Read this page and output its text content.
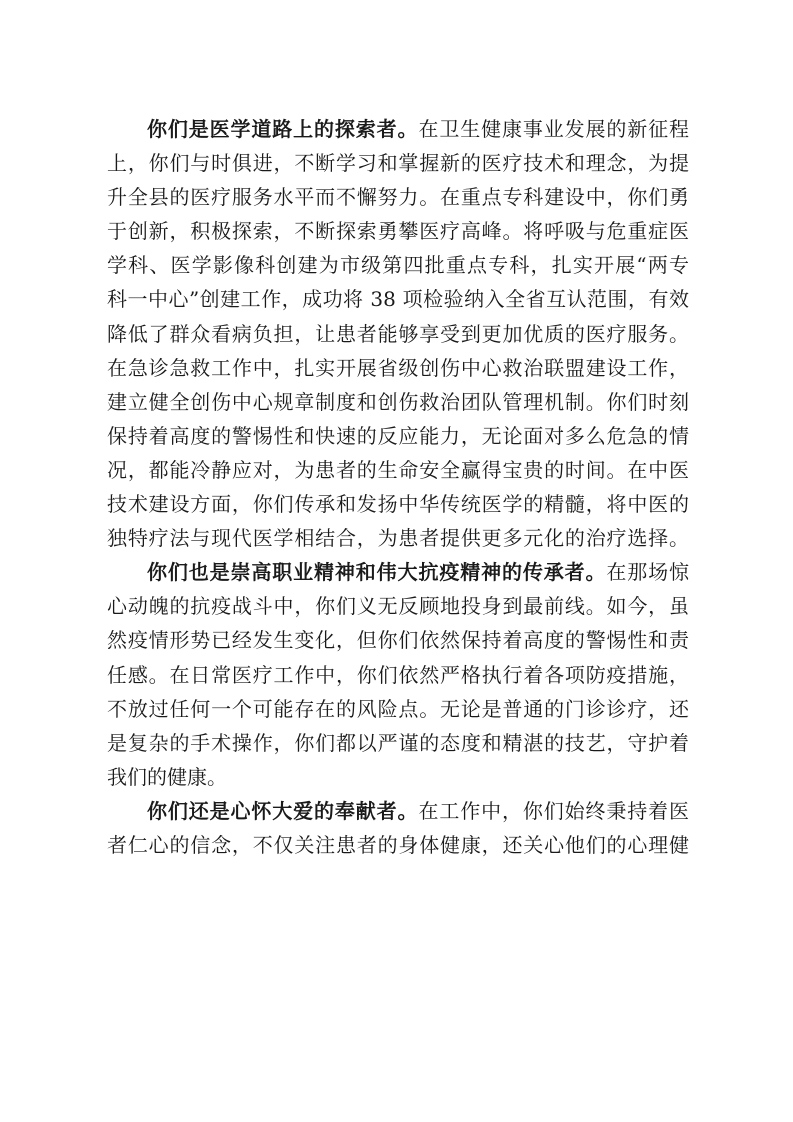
你们是医学道路上的探索者。在卫生健康事业发展的新征程
上，你们与时俱进，不断学习和掌握新的医疗技术和理念，为提
升全县的医疗服务水平而不懈努力。在重点专科建设中，你们勇
于创新，积极探索，不断探索勇攀医疗高峰。将呼吸与危重症医
学科、医学影像科创建为市级第四批重点专科，扎实开展“两专
科一中心”创建工作，成功将 38 项检验纳入全省互认范围，有效
降低了群众看病负担，让患者能够享受到更加优质的医疗服务。
在急诊急救工作中，扎实开展省级创伤中心救治联盟建设工作，
建立健全创伤中心规章制度和创伤救治团队管理机制。你们时刻
保持着高度的警惕性和快速的反应能力，无论面对多么危急的情
况，都能冷静应对，为患者的生命安全赢得宝贵的时间。在中医
技术建设方面，你们传承和发扬中华传统医学的精髓，将中医的
独特疗法与现代医学相结合，为患者提供更多元化的治疗选择。
你们也是崇高职业精神和伟大抗疫精神的传承者。在那场惊
心动魄的抗疫战斗中，你们义无反顾地投身到最前线。如今，虽
然疫情形势已经发生变化，但你们依然保持着高度的警惕性和责
任感。在日常医疗工作中，你们依然严格执行着各项防疫措施，
不放过任何一个可能存在的风险点。无论是普通的门诊诊疗，还
是复杂的手术操作，你们都以严谨的态度和精湛的技艺，守护着
我们的健康。
你们还是心怀大爱的奉献者。在工作中，你们始终秉持着医
者仁心的信念，不仅关注患者的身体健康，还关心他们的心理健
